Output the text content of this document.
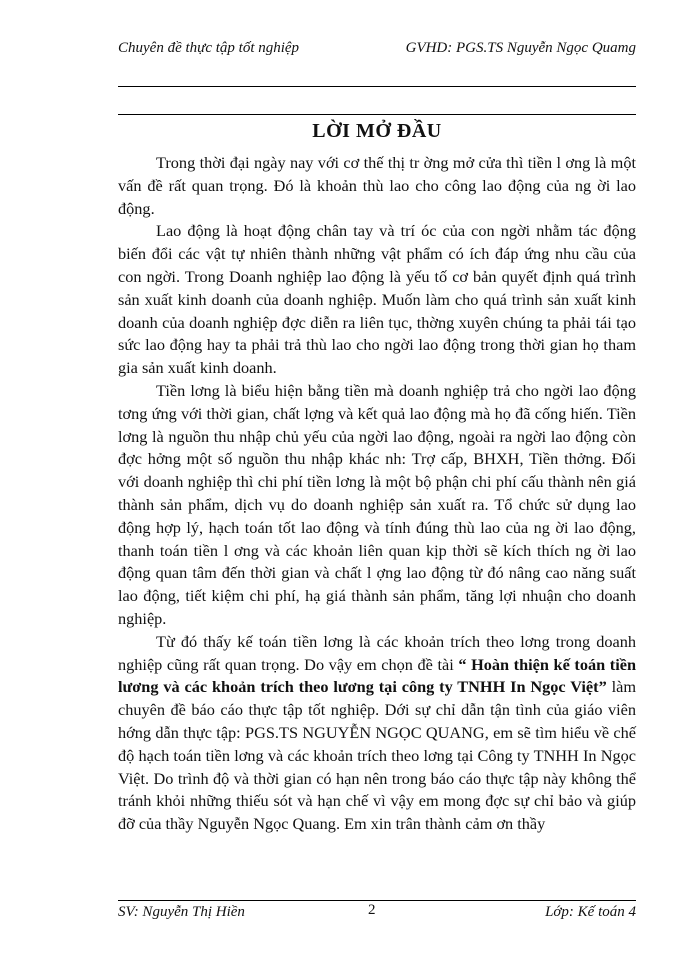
Chuyên đề thực tập tốt nghiệp	GVHD: PGS.TS Nguyễn Ngọc Quamg
LỜI MỞ ĐẦU

Trong thời đại ngày nay với cơ thế thị tr ờng mở cửa thì tiền l ơng là một vấn đề rất quan trọng. Đó là khoản thù lao cho công lao động của ng ời lao động.

Lao động là hoạt động chân tay và trí óc của con ngời nhằm tác động biến đổi các vật tự nhiên thành những vật phẩm có ích đáp ứng nhu cầu của con ngời. Trong Doanh nghiệp lao động là yếu tố cơ bản quyết định quá trình sản xuất kinh doanh của doanh nghiệp. Muốn làm cho quá trình sản xuất kinh doanh của doanh nghiệp đợc diễn ra liên tục, thờng xuyên chúng ta phải tái tạo sức lao động hay ta phải trả thù lao cho ngời lao động trong thời gian họ tham gia sản xuất kinh doanh.

Tiền lơng là biểu hiện bằng tiền mà doanh nghiệp trả cho ngời lao động tơng ứng với thời gian, chất lợng và kết quả lao động mà họ đã cống hiến. Tiền lơng là nguồn thu nhập chủ yếu của ngời lao động, ngoài ra ngời lao động còn đợc hởng một số nguồn thu nhập khác nh: Trợ cấp, BHXH, Tiền thởng. Đối với doanh nghiệp thì chi phí tiền lơng là một bộ phận chi phí cấu thành nên giá thành sản phẩm, dịch vụ do doanh nghiệp sản xuất ra. Tổ chức sử dụng lao động hợp lý, hạch toán tốt lao động và tính đúng thù lao của ng ời lao động, thanh toán tiền l ơng và các khoản liên quan kịp thời sẽ kích thích ng ời lao động quan tâm đến thời gian và chất l ợng lao động từ đó nâng cao năng suất lao động, tiết kiệm chi phí, hạ giá thành sản phẩm, tăng lợi nhuận cho doanh nghiệp.

Từ đó thấy kế toán tiền lơng là các khoản trích theo lơng trong doanh nghiệp cũng rất quan trọng. Do vậy em chọn đề tài “ Hoàn thiện kế toán tiền lương và các khoản trích theo lương tại công ty TNHH In Ngọc Việt” làm chuyên đề báo cáo thực tập tốt nghiệp. Dới sự chỉ dẫn tận tình của giáo viên hớng dẫn thực tập: PGS.TS NGUYỄN NGỌC QUANG, em sẽ tìm hiểu về chế độ hạch toán tiền lơng và các khoản trích theo lơng tại Công ty TNHH In Ngọc Việt. Do trình độ và thời gian có hạn nên trong báo cáo thực tập này không thể tránh khỏi những thiếu sót và hạn chế vì vậy em mong đợc sự chỉ bảo và giúp đỡ của thầy Nguyễn Ngọc Quang. Em xin trân thành cảm ơn thầy

SV: Nguyễn Thị Hiền	2	Lớp: Kế toán 4
